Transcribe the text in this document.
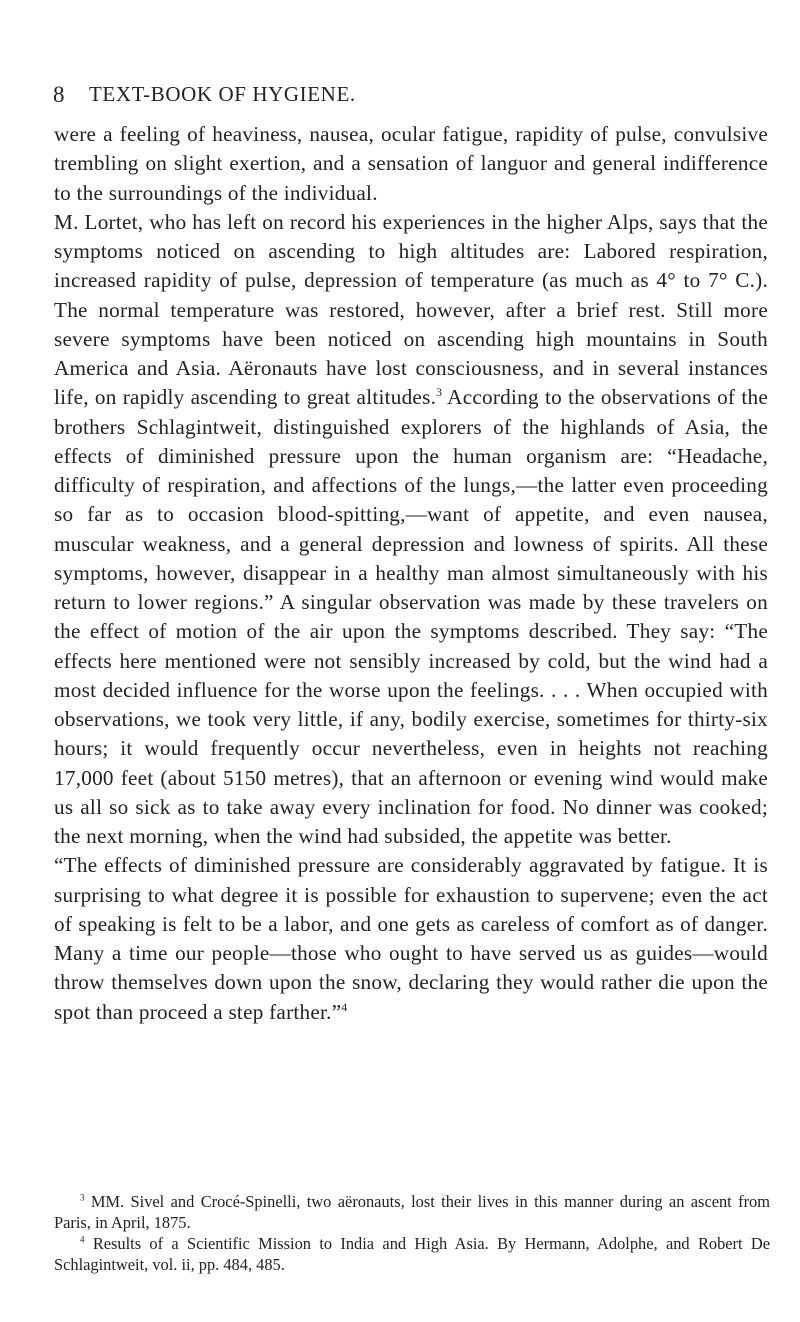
8 TEXT-BOOK OF HYGIENE.

were a feeling of heaviness, nausea, ocular fatigue, rapidity of pulse, convulsive trembling on slight exertion, and a sensation of languor and general indifference to the surroundings of the individual.

M. Lortet, who has left on record his experiences in the higher Alps, says that the symptoms noticed on ascending to high altitudes are: Labored respiration, increased rapidity of pulse, depression of temperature (as much as 4° to 7° C.). The normal temperature was restored, however, after a brief rest. Still more severe symptoms have been noticed on ascending high mountains in South America and Asia. Aëronauts have lost consciousness, and in several instances life, on rapidly ascending to great altitudes.$^3$ According to the observations of the brothers Schlagintweit, distinguished explorers of the highlands of Asia, the effects of diminished pressure upon the human organism are: “Headache, difficulty of respiration, and affections of the lungs,—the latter even proceeding so far as to occasion blood-spitting,—want of appetite, and even nausea, muscular weakness, and a general depression and lowness of spirits. All these symptoms, however, disappear in a healthy man almost simultaneously with his return to lower regions.” A singular observation was made by these travelers on the effect of motion of the air upon the symptoms described. They say: “The effects here mentioned were not sensibly increased by cold, but the wind had a most decided influence for the worse upon the feelings. . . . When occupied with observations, we took very little, if any, bodily exercise, sometimes for thirty-six hours; it would frequently occur nevertheless, even in heights not reaching 17,000 feet (about 5150 metres), that an afternoon or evening wind would make us all so sick as to take away every inclination for food. No dinner was cooked; the next morning, when the wind had subsided, the appetite was better.

“The effects of diminished pressure are considerably aggravated by fatigue. It is surprising to what degree it is possible for exhaustion to supervene; even the act of speaking is felt to be a labor, and one gets as careless of comfort as of danger. Many a time our people—those who ought to have served us as guides—would throw themselves down upon the snow, declaring they would rather die upon the spot than proceed a step farther.”$^4$

$^3$ MM. Sivel and Crocé-Spinelli, two aëronauts, lost their lives in this manner during an ascent from Paris, in April, 1875.

$^4$ Results of a Scientific Mission to India and High Asia. By Hermann, Adolphe, and Robert De Schlagintweit, vol. ii, pp. 484, 485.
